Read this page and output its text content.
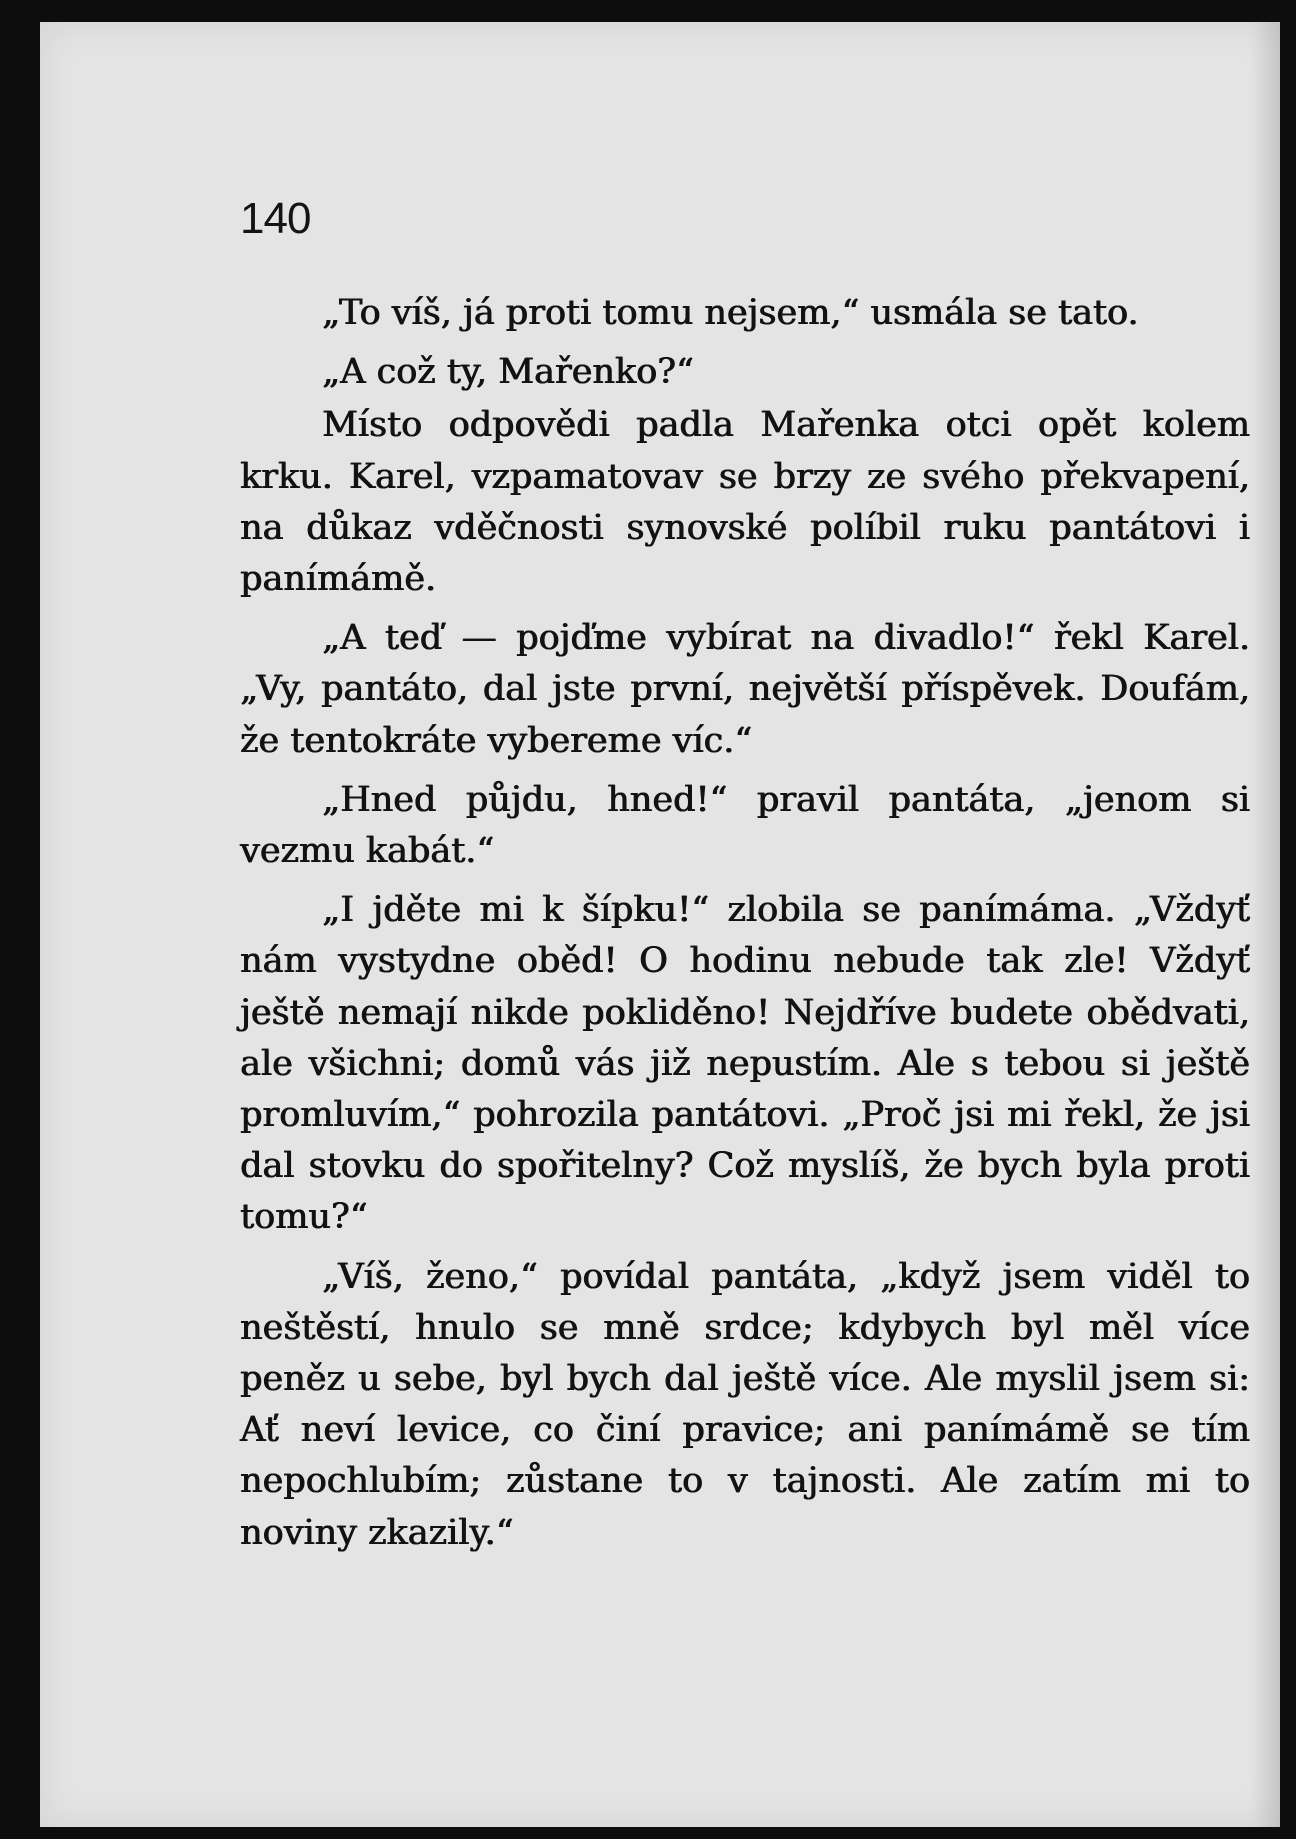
140

„To víš, já proti tomu nejsem,“ usmála se tato.

„A což ty, Mařenko?“

Místo odpovědi padla Mařenka otci opět kolem krku. Karel, vzpamatovav se brzy ze svého překvapení, na důkaz vděčnosti synovské políbil ruku pantátovi i panímámě.

„A teď — pojďme vybírat na divadlo!“ řekl Karel. „Vy, pantáto, dal jste první, největší příspěvek. Doufám, že tentokráte vybereme víc.“

„Hned půjdu, hned!“ pravil pantáta, „jenom si vezmu kabát.“

„I jděte mi k šípku!“ zlobila se panímáma. „Vždyť nám vystydne oběd! O hodinu nebude tak zle! Vždyť ještě nemají nikde pokliděno! Nejdříve budete obědvati, ale všichni; domů vás již nepustím. Ale s tebou si ještě promluvím,“ pohrozila pantátovi. „Proč jsi mi řekl, že jsi dal stovku do spořitelny? Což myslíš, že bych byla proti tomu?“

„Víš, ženo,“ povídal pantáta, „když jsem viděl to neštěstí, hnulo se mně srdce; kdybych byl měl více peněz u sebe, byl bych dal ještě více. Ale myslil jsem si: Ať neví levice, co činí pravice; ani panímámě se tím nepochlubím; zůstane to v tajnosti. Ale zatím mi to noviny zkazily.“
